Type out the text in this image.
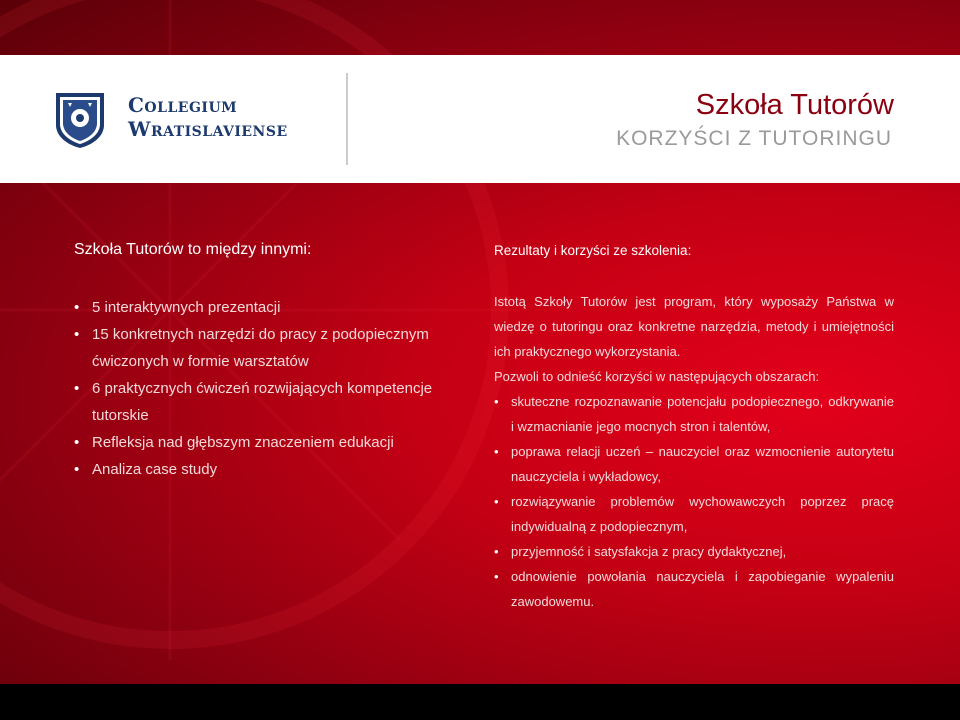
Collegium
Wratislaviense
Szkoła Tutorów
KORZYŚCI Z TUTORINGU
Szkoła Tutorów to między innymi:
• 5 interaktywnych prezentacji
• 15 konkretnych narzędzi do pracy z podopiecznym ćwiczonych w formie warsztatów
• 6 praktycznych ćwiczeń rozwijających kompetencje tutorskie
• Refleksja nad głębszym znaczeniem edukacji
• Analiza case study
Rezultaty i korzyści ze szkolenia:

Istotą Szkoły Tutorów jest program, który wyposaży Państwa w wiedzę o tutoringu oraz konkretne narzędzia, metody i umiejętności ich praktycznego wykorzystania.

Pozwoli to odnieść korzyści w następujących obszarach:

• skuteczne rozpoznawanie potencjału podopiecznego, odkrywanie i wzmacnianie jego mocnych stron i talentów,
• poprawa relacji uczeń – nauczyciel oraz wzmocnienie autorytetu nauczyciela i wykładowcy,
• rozwiązywanie problemów wychowawczych poprzez pracę indywidualną z podopiecznym,
• przyjemność i satysfakcja z pracy dydaktycznej,
• odnowienie powołania nauczyciela i zapobieganie wypaleniu zawodowemu.
